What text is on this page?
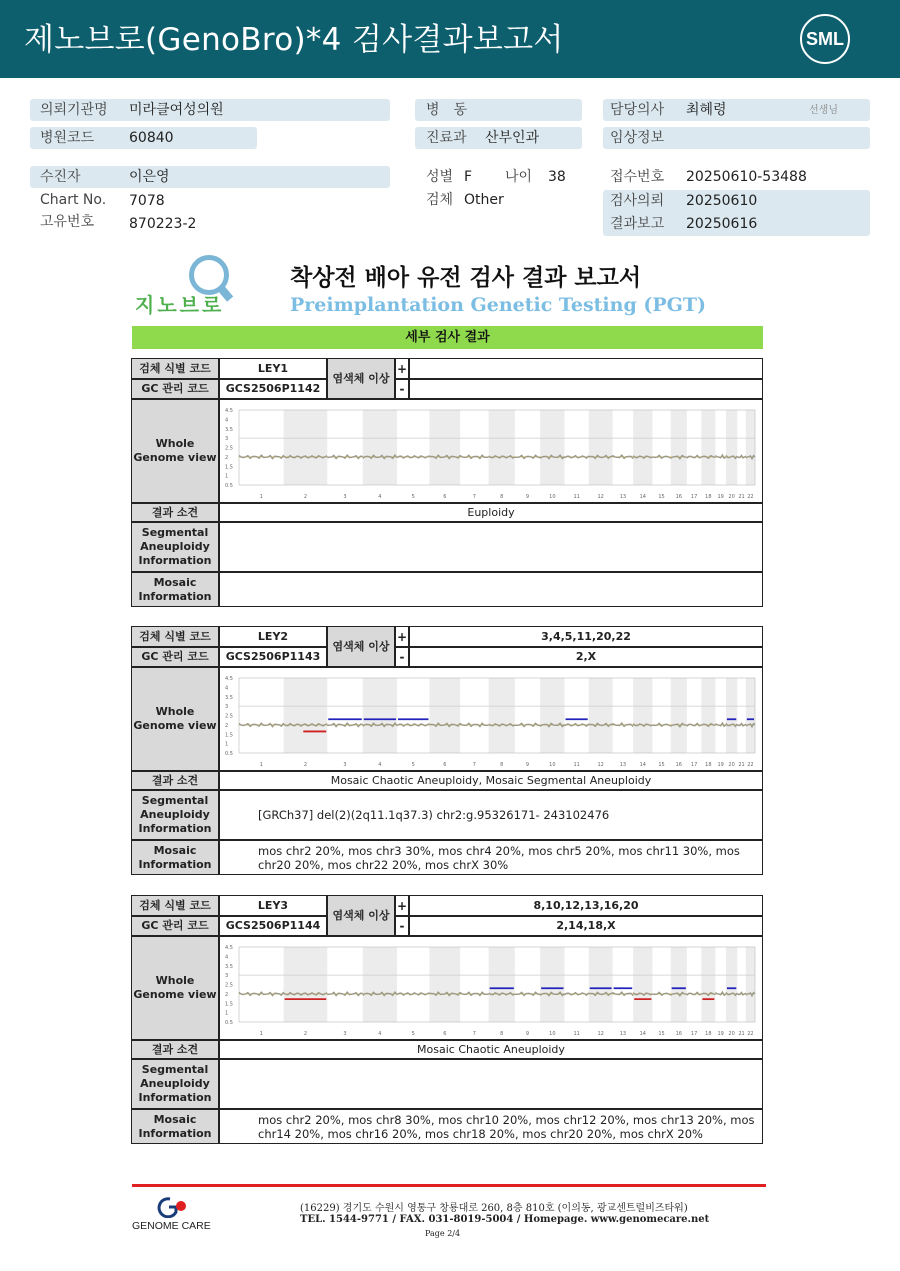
제노브로(GenoBro)*4 검사결과보고서	SML
의뢰기관명 미라클여성의원
병원코드 60840
병　동
진료과 산부인과
담당의사 최혜령	선생님
임상정보
수진자	이은영
Chart No. 7078
고유번호 870223-2
성별 F 나이 38
검체 Other
접수번호 20250610-53488
검사의뢰 20250610
결과보고 20250616
지노브로
착상전 배아 유전 검사 결과 보고서
Preimplantation Genetic Testing (PGT)
세부 검사 결과
검체 식별 코드	LEY1
염색체 이상
+
GC 관리 코드	GCS2506P1142	-
Whole Genome view
4.5
4
3.5
3
2.5
2
1.5
1
0.5
1	2	3	4	5	6	7	8	9	10	11	12	13	14 15 16 17 18 19 20 21 22
결과 소견	Euploidy
Segmental Aneuploidy Information
Mosaic Information
검체 식별 코드	LEY2
염색체 이상
+	3,4,5,11,20,22
GC 관리 코드	GCS2506P1143	-	2,X
Whole Genome view
4.5
4
3.5
3
2.5
2
1.5
1
0.5
1	2	3	4	5	6	7	8	9	10	11	12	13	14 15 16 17 18 19 20 21 22
결과 소견	Mosaic Chaotic Aneuploidy, Mosaic Segmental Aneuploidy
Segmental Aneuploidy Information
[GRCh37] del(2)(2q11.1q37.3) chr2:g.95326171- 243102476
Mosaic Information
mos chr2 20%, mos chr3 30%, mos chr4 20%, mos chr5 20%, mos chr11 30%, mos chr20 20%, mos chr22 20%, mos chrX 30%
검체 식별 코드	LEY3
염색체 이상
+	8,10,12,13,16,20
GC 관리 코드	GCS2506P1144	-	2,14,18,X
Whole Genome view
4.5
4
3.5
3
2.5
2
1.5
1
0.5
1	2	3	4	5	6	7	8	9	10	11	12	13	14 15 16 17 18 19 20 21 22
결과 소견	Mosaic Chaotic Aneuploidy
Segmental Aneuploidy Information
Mosaic Information
mos chr2 20%, mos chr8 30%, mos chr10 20%, mos chr12 20%, mos chr13 20%, mos chr14 20%, mos chr16 20%, mos chr18 20%, mos chr20 20%, mos chrX 20%
GENOME CARE
(16229) 경기도 수원시 영통구 창룡대로 260, 8층 810호 (이의동, 광교센트럴비즈타워)
TEL. 1544-9771 / FAX. 031-8019-5004 / Homepage. www.genomecare.net
Page 2/4
